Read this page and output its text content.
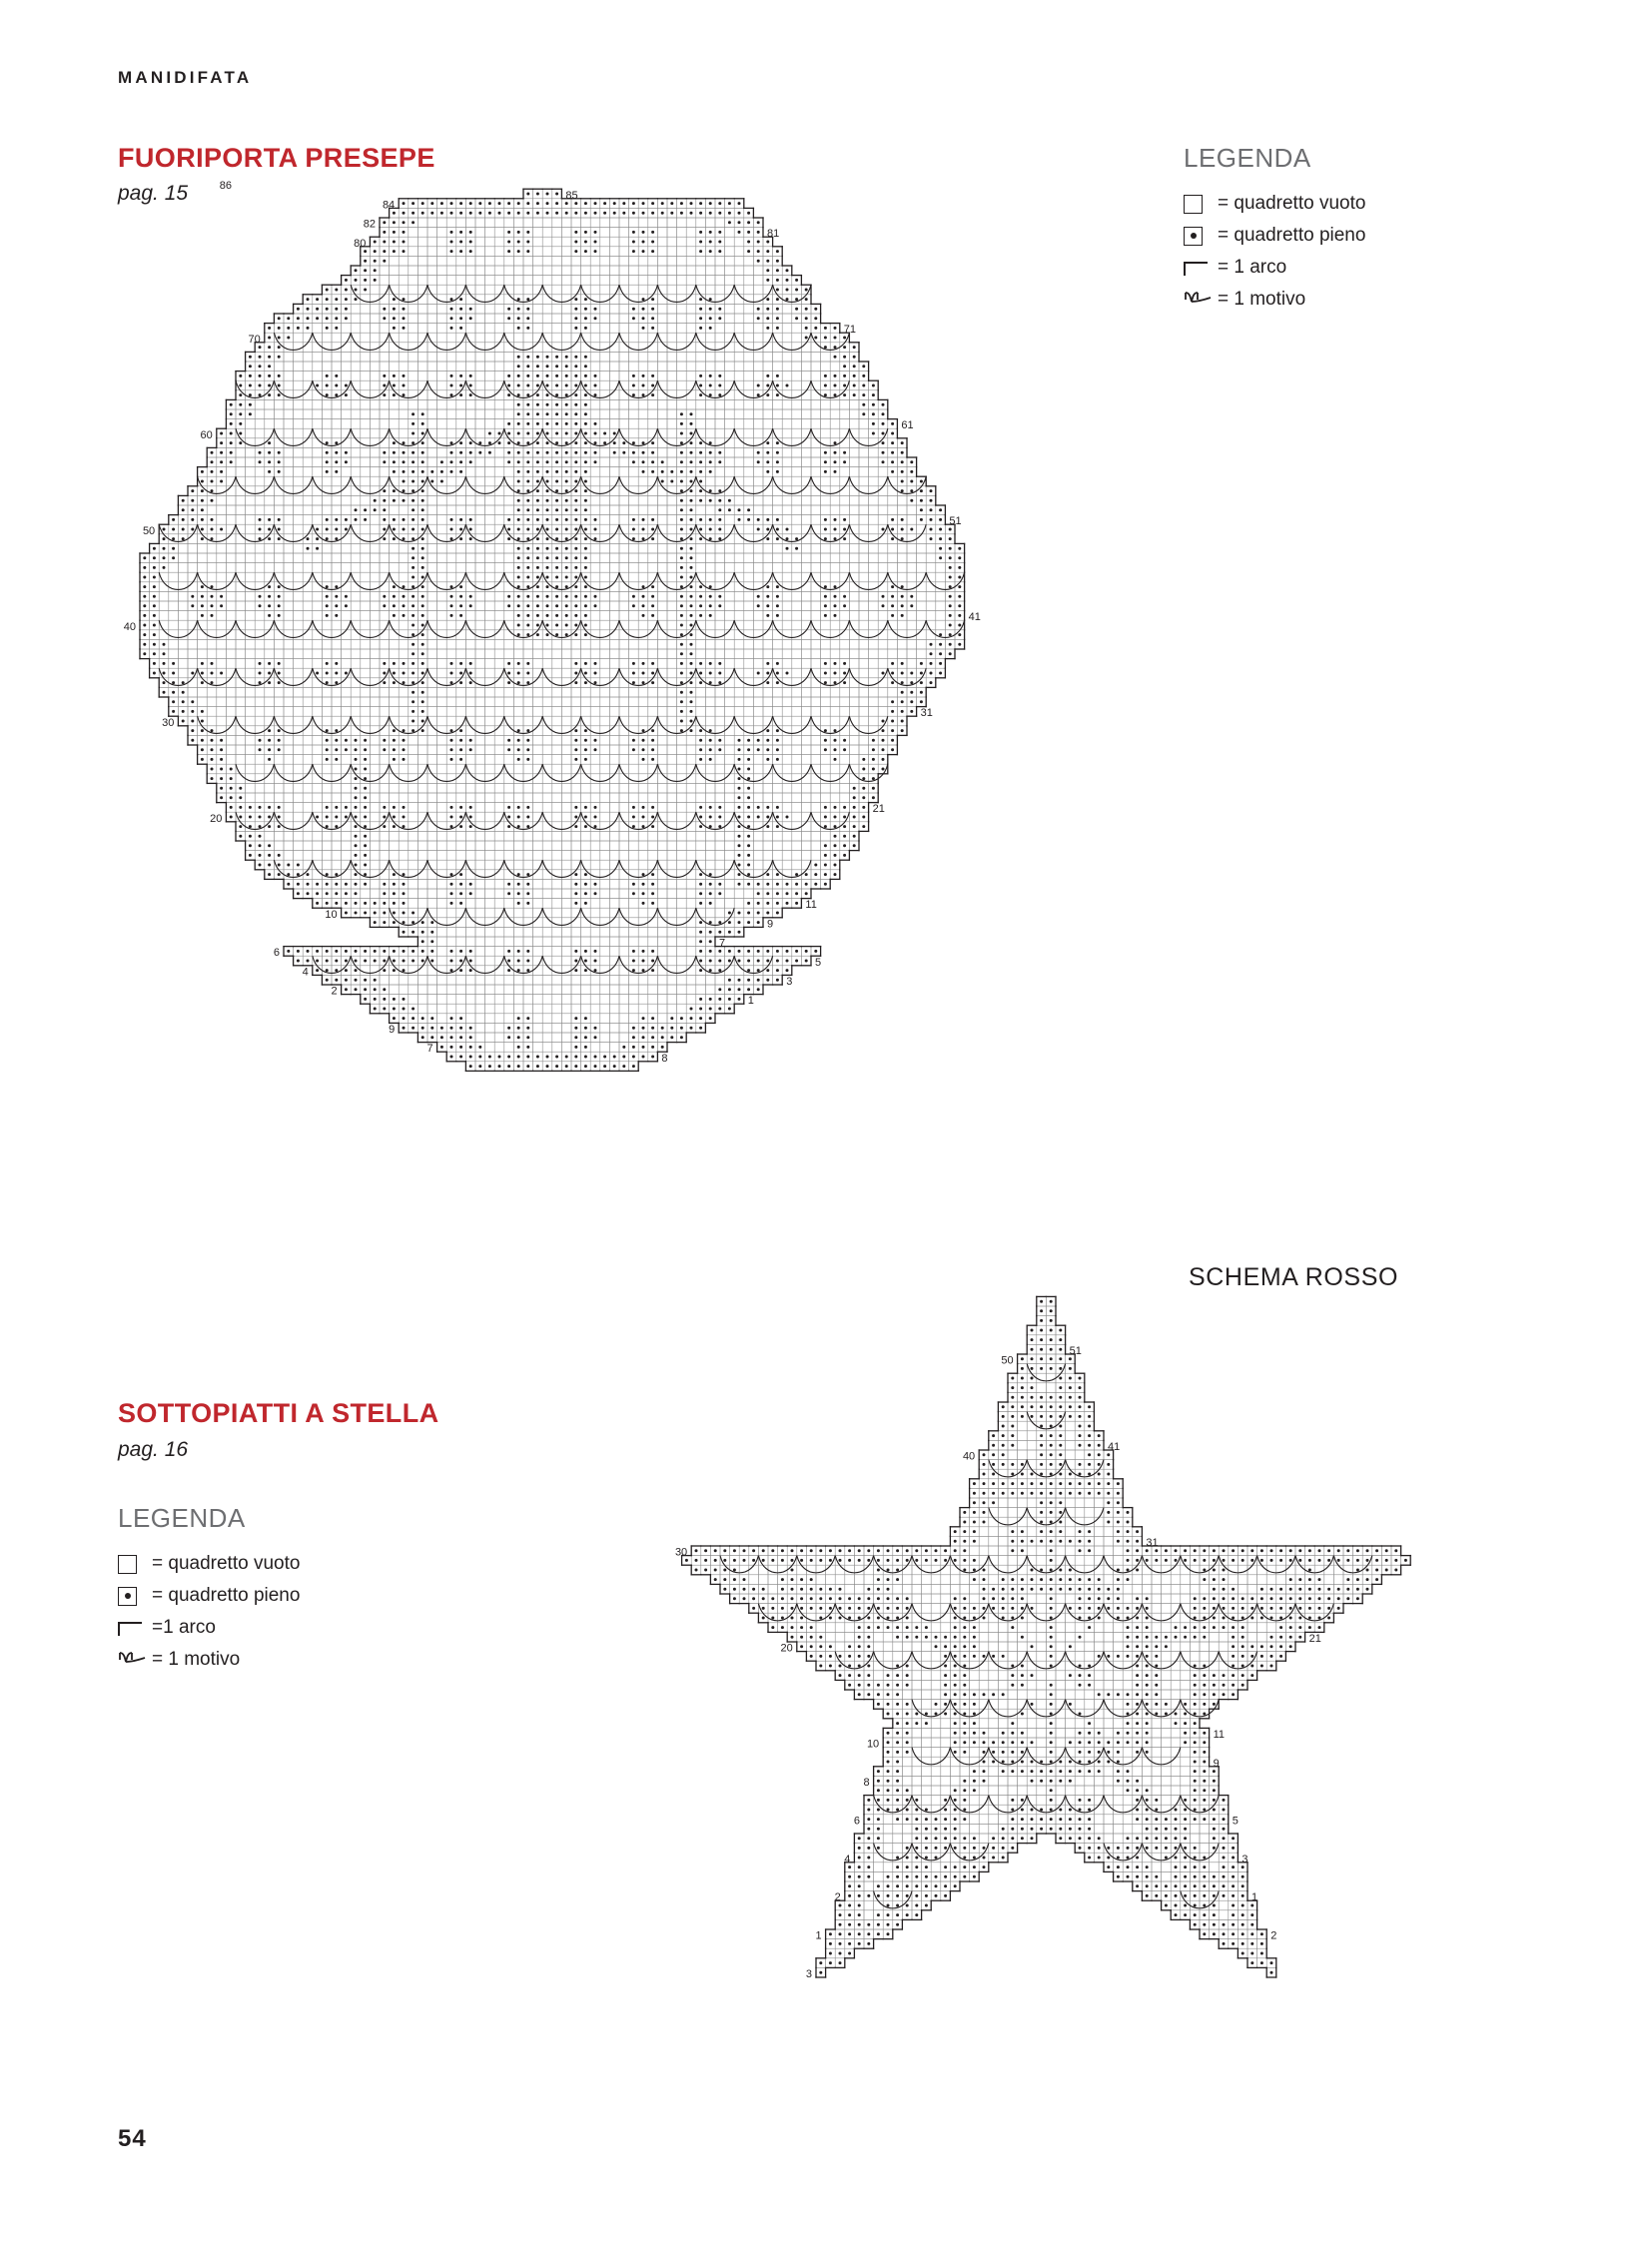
MANIDIFATA
FUORIPORTA PRESEPE
pag. 15
SOTTOPIATTI A STELLA
pag. 16
SCHEMA ROSSO
LEGENDA
= quadretto vuoto
= quadretto pieno
= 1 arco
= 1 motivo
LEGENDA
= quadretto vuoto
= quadretto pieno
=1 arco
= 1 motivo
86
84
82
80
70
60
50
40
30
20
10
6
4
2
9
7
85
81
71
61
51
41
31
21
11
9
7
5
3
1
8
50
40
30
20
10
8
6
4
2
1
3
51
41
31
21
11
9
5
3
1
2
54
